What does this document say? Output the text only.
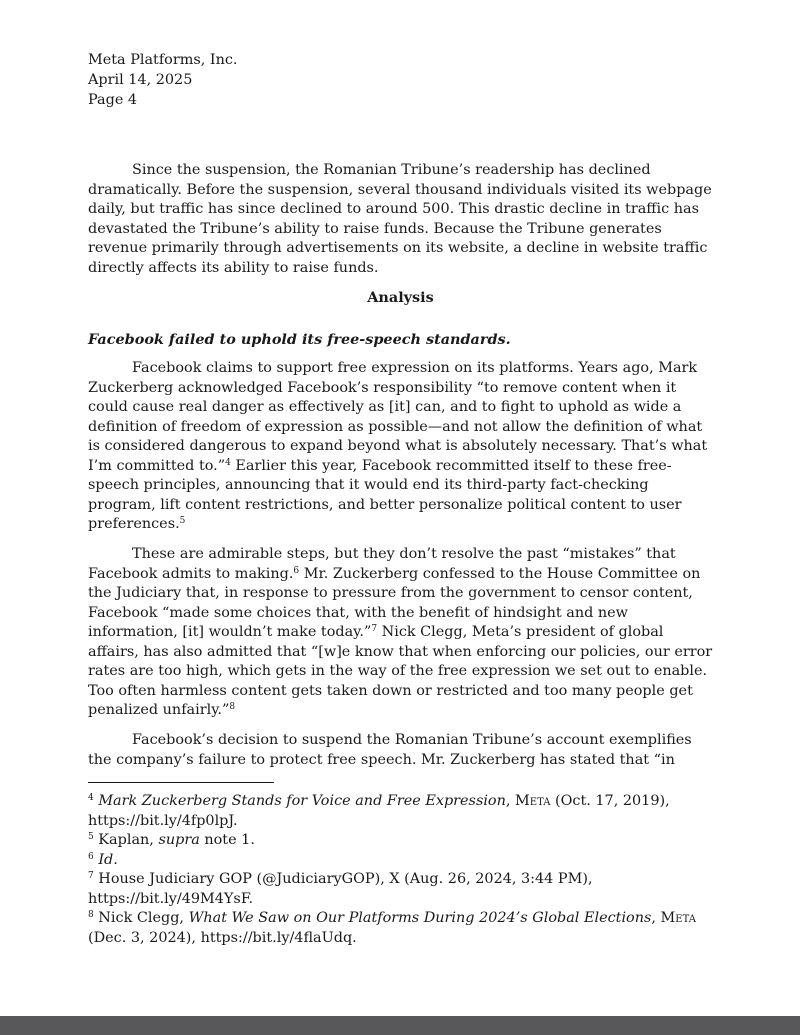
Meta Platforms, Inc.
April 14, 2025
Page 4

Since the suspension, the Romanian Tribune’s readership has declined dramatically. Before the suspension, several thousand individuals visited its webpage daily, but traffic has since declined to around 500. This drastic decline in traffic has devastated the Tribune’s ability to raise funds. Because the Tribune generates revenue primarily through advertisements on its website, a decline in website traffic directly affects its ability to raise funds.

Analysis
Facebook failed to uphold its free-speech standards.

Facebook claims to support free expression on its platforms. Years ago, Mark Zuckerberg acknowledged Facebook’s responsibility “to remove content when it could cause real danger as effectively as [it] can, and to fight to uphold as wide a definition of freedom of expression as possible—and not allow the definition of what is considered dangerous to expand beyond what is absolutely necessary. That’s what I’m committed to.”$^4$ Earlier this year, Facebook recommitted itself to these free-speech principles, announcing that it would end its third-party fact-checking program, lift content restrictions, and better personalize political content to user preferences.$^5$

These are admirable steps, but they don’t resolve the past “mistakes” that Facebook admits to making.$^6$ Mr. Zuckerberg confessed to the House Committee on the Judiciary that, in response to pressure from the government to censor content, Facebook “made some choices that, with the benefit of hindsight and new information, [it] wouldn’t make today.”$^7$ Nick Clegg, Meta’s president of global affairs, has also admitted that “[w]e know that when enforcing our policies, our error rates are too high, which gets in the way of the free expression we set out to enable. Too often harmless content gets taken down or restricted and too many people get penalized unfairly.”$^8$

Facebook’s decision to suspend the Romanian Tribune’s account exemplifies the company’s failure to protect free speech. Mr. Zuckerberg has stated that “in

$^4$ Mark Zuckerberg Stands for Voice and Free Expression, Meta (Oct. 17, 2019), https://bit.ly/4fp0lpJ.
$^5$ Kaplan, supra note 1.
$^6$ Id.
$^7$ House Judiciary GOP (@JudiciaryGOP), X (Aug. 26, 2024, 3:44 PM), https://bit.ly/49M4YsF.
$^8$ Nick Clegg, What We Saw on Our Platforms During 2024’s Global Elections, Meta (Dec. 3, 2024), https://bit.ly/4flaUdq.
